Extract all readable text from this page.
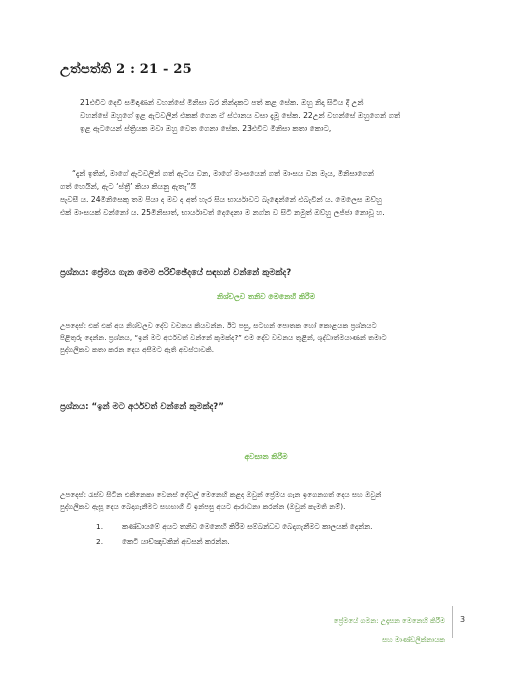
උත්පත්ති 2 : 21 - 25

21එවිට දෙවි සමිඳාණන් වහන්සේ මිනිසා බර නින්දකට පත් කළ සේක. ඔහු නිදා සිටිය දී උන්

වහන්සේ ඔහුගේ ඉළ ඇටවලින් එකක් ගෙන ඒ ස්ථානය වසා දැමූ සේක. 22උන් වහන්සේ ඔහුගෙන් ගත්

ඉළ ඇටයෙන් ස්ත්‍රියක මවා ඔහු වෙත ගෙනා සේක. 23එවිට මිනිසා කතා කොට,

“දැන් ඉතින්, මාගේ ඇටවලින් ගත් ඇටය වන, මාගේ මාංසයෙන් ගත් මාංසය වන මැය, මිනිසාගෙන්

ගත් හෙයින්, ඇට ‘ස්ත්‍රී’ කියා කියනු ඇතැ”යි

පැවසී ය. 24මිනිසෙකු තම පියා ද මව ද අත් හැර සිය භාර්යාවට බැඳෙන්නේ එබැවින් ය. මෙලෙස ඔව්හු

එක් මාංසයක් වන්නෝ ය. 25මිනිසාත්, භාර්යාවත් දෙදෙනා ම නග්න ව සිටි නමුත් ඔව්හු ලජ්ජා නොවූ හ.

ප්‍රශ්නය: ප්‍රේමය ගැන මෙම පරිච්ඡේදයේ සඳහන් වන්නේ කුමක්ද?
නිශ්චලව තනිව මෙනෙහි කිරීම
උපදෙස්: එක් එක් අය නිශ්චලව දේව වචනය කියවන්න. ඊට පසු, සටහන් පොතක හෝ කොළයක ප්‍රශ්නයට
පිළිතුරු දෙන්න. ප්‍රශ්නය, “ඉන් මට අර්ථවත් වන්නේ කුමක්ද?” එම දේව වචනය තුළින්, ශුද්ධාත්මයාණන් තමාට
පුද්ගලිකව කතා කරන දෙය අසීමට ඇති අවස්ථාවකි.
ප්‍රශ්නය: “ඉන් මට අර්ථවත් වන්නේ කුමක්ද?”
අවසාන කිරීම
උපදෙස්: රැස්ව සිටින එකිනෙකා වෙනස් දේවල් මෙනෙහි කළද ඔවුන් ප්‍රේමය ගැන ඉගෙනගත් දෙය සහ ඔවුන්
පුද්ගලිකව ඇසූ දෙය බෙදාගැනීමට සහභාගී වී ඉන්පසු අයට ආරාධනා කරන්න (ඔවුන් කැමති නම්).
1.	කණ්ඩායමේ අයට තනිව මෙනෙහි කිරීම සම්බන්ධව බෙදාගැනීමට කාලයක් දෙන්න.
2.	කෙටි යාච්ඤාවකින් අවසන් කරන්න.
ප්‍රේමයේ ගමන: උදෑසන මෙනෙහි කිරීම
සහ මාණ්ඩලික්නායක
3
